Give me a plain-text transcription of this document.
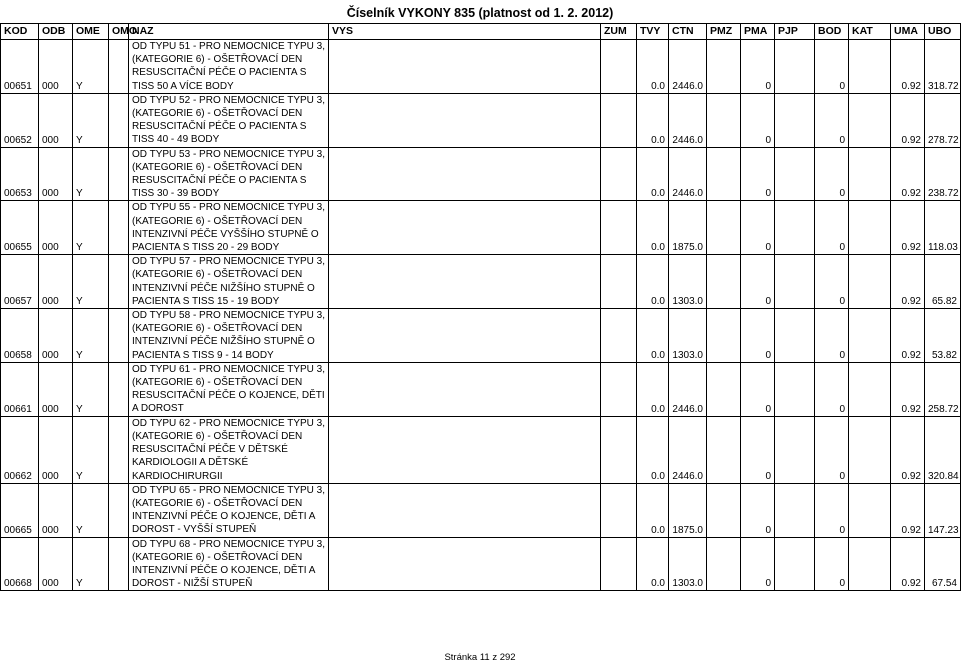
Číselník VYKONY 835 (platnost od 1. 2. 2012)
KOD	ODB	OME	OMO	NAZ	VYS	ZUM	TVY	CTN	PMZ	PMA	PJP	BOD	KAT	UMA	UBO
00651	000	Y		OD TYPU 51 - PRO NEMOCNICE TYPU 3, (KATEGORIE 6) - OŠETŘOVACÍ DEN RESUSCITAČNÍ PÉČE O PACIENTA S TISS 50 A VÍCE BODY			0.0	2446.0		0		0		0.92	318.72
00652	000	Y		OD TYPU 52 - PRO NEMOCNICE TYPU 3, (KATEGORIE 6) - OŠETŘOVACÍ DEN RESUSCITAČNÍ PÉČE O PACIENTA S TISS 40 - 49 BODY			0.0	2446.0		0		0		0.92	278.72
00653	000	Y		OD TYPU 53 - PRO NEMOCNICE TYPU 3, (KATEGORIE 6) - OŠETŘOVACÍ DEN RESUSCITAČNÍ PÉČE O PACIENTA S TISS 30 - 39 BODY			0.0	2446.0		0		0		0.92	238.72
00655	000	Y		OD TYPU 55 - PRO NEMOCNICE TYPU 3, (KATEGORIE 6) - OŠETŘOVACÍ DEN INTENZIVNÍ PÉČE VYŠŠÍHO STUPNĚ O PACIENTA S TISS 20 - 29 BODY			0.0	1875.0		0		0		0.92	118.03
00657	000	Y		OD TYPU 57 - PRO NEMOCNICE TYPU 3, (KATEGORIE 6) - OŠETŘOVACÍ DEN INTENZIVNÍ PÉČE NIŽŠÍHO STUPNĚ O PACIENTA S TISS 15 - 19 BODY			0.0	1303.0		0		0		0.92	65.82
00658	000	Y		OD TYPU 58 - PRO NEMOCNICE TYPU 3, (KATEGORIE 6) - OŠETŘOVACÍ DEN INTENZIVNÍ PÉČE NIŽŠÍHO STUPNĚ O PACIENTA S TISS 9 - 14 BODY			0.0	1303.0		0		0		0.92	53.82
00661	000	Y		OD TYPU 61 - PRO NEMOCNICE TYPU 3, (KATEGORIE 6) - OŠETŘOVACÍ DEN RESUSCITAČNÍ PÉČE O KOJENCE, DĚTI A DOROST			0.0	2446.0		0		0		0.92	258.72
00662	000	Y		OD TYPU 62 - PRO NEMOCNICE TYPU 3, (KATEGORIE 6) - OŠETŘOVACÍ DEN RESUSCITAČNÍ PÉČE V DĚTSKÉ KARDIOLOGII A DĚTSKÉ KARDIOCHIRURGII			0.0	2446.0		0		0		0.92	320.84
00665	000	Y		OD TYPU 65 - PRO NEMOCNICE TYPU 3, (KATEGORIE 6) - OŠETŘOVACÍ DEN INTENZIVNÍ PÉČE O KOJENCE, DĚTI A DOROST - VYŠŠÍ STUPEŇ			0.0	1875.0		0		0		0.92	147.23
00668	000	Y		OD TYPU 68 - PRO NEMOCNICE TYPU 3, (KATEGORIE 6) - OŠETŘOVACÍ DEN INTENZIVNÍ PÉČE O KOJENCE, DĚTI A DOROST - NIŽŠÍ STUPEŇ			0.0	1303.0		0		0		0.92	67.54
Stránka 11 z 292
